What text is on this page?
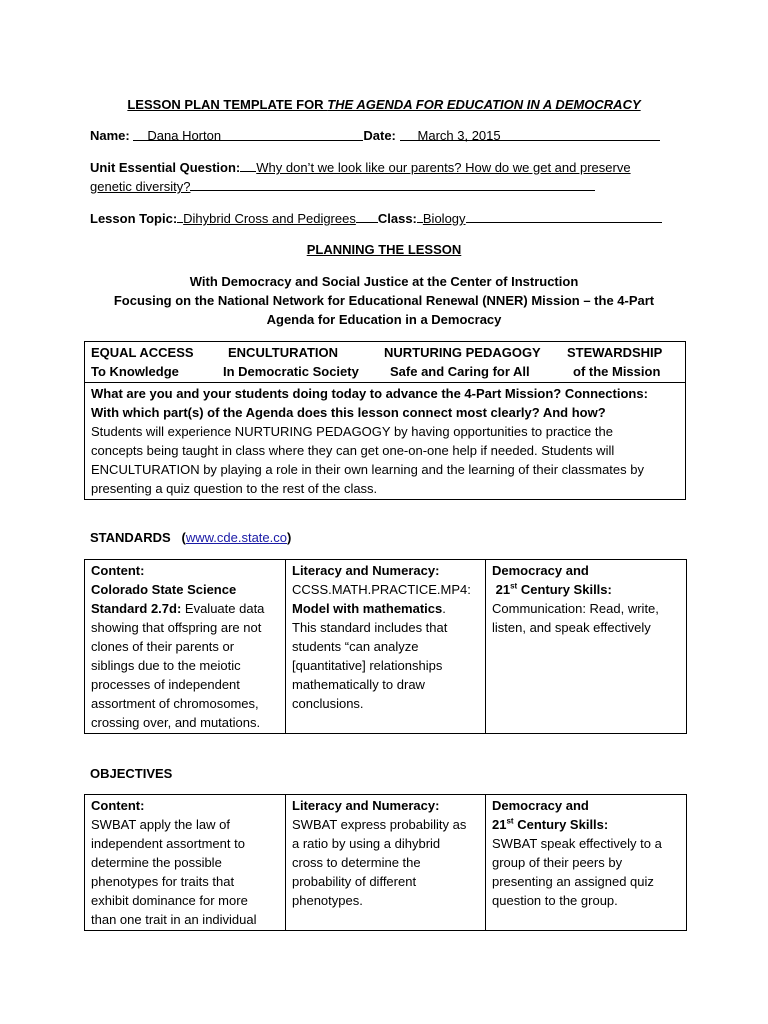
LESSON PLAN TEMPLATE FOR THE AGENDA FOR EDUCATION IN A DEMOCRACY
Name: Dana Horton	Date: March 3, 2015
Unit Essential Question: Why don’t we look like our parents? How do we get and preserve
genetic diversity?
Lesson Topic: Dihybrid Cross and Pedigrees Class: Biology
PLANNING THE LESSON
With Democracy and Social Justice at the Center of Instruction
Focusing on the National Network for Educational Renewal (NNER) Mission – the 4-Part
Agenda for Education in a Democracy
EQUAL ACCESS	ENCULTURATION	NURTURING PEDAGOGY	STEWARDSHIP
To Knowledge	In Democratic Society	Safe and Caring for All	of the Mission

What are you and your students doing today to advance the 4-Part Mission? Connections:
With which part(s) of the Agenda does this lesson connect most clearly? And how?
Students will experience NURTURING PEDAGOGY by having opportunities to practice the
concepts being taught in class where they can get one-on-one help if needed. Students will
ENCULTURATION by playing a role in their own learning and the learning of their classmates by
presenting a quiz question to the rest of the class.
STANDARDS   (www.cde.state.co)
Content:
Colorado State Science
Standard 2.7d: Evaluate data
showing that offspring are not
clones of their parents or
siblings due to the meiotic
processes of independent
assortment of chromosomes,
crossing over, and mutations.

Literacy and Numeracy:
CCSS.MATH.PRACTICE.MP4:
Model with mathematics.
This standard includes that
students “can analyze
[quantitative] relationships
mathematically to draw
conclusions.

Democracy and
21st Century Skills:
Communication: Read, write,
listen, and speak effectively
OBJECTIVES
Content:
SWBAT apply the law of
independent assortment to
determine the possible
phenotypes for traits that
exhibit dominance for more
than one trait in an individual

Literacy and Numeracy:
SWBAT express probability as
a ratio by using a dihybrid
cross to determine the
probability of different
phenotypes.

Democracy and
21st Century Skills:
SWBAT speak effectively to a
group of their peers by
presenting an assigned quiz
question to the group.
